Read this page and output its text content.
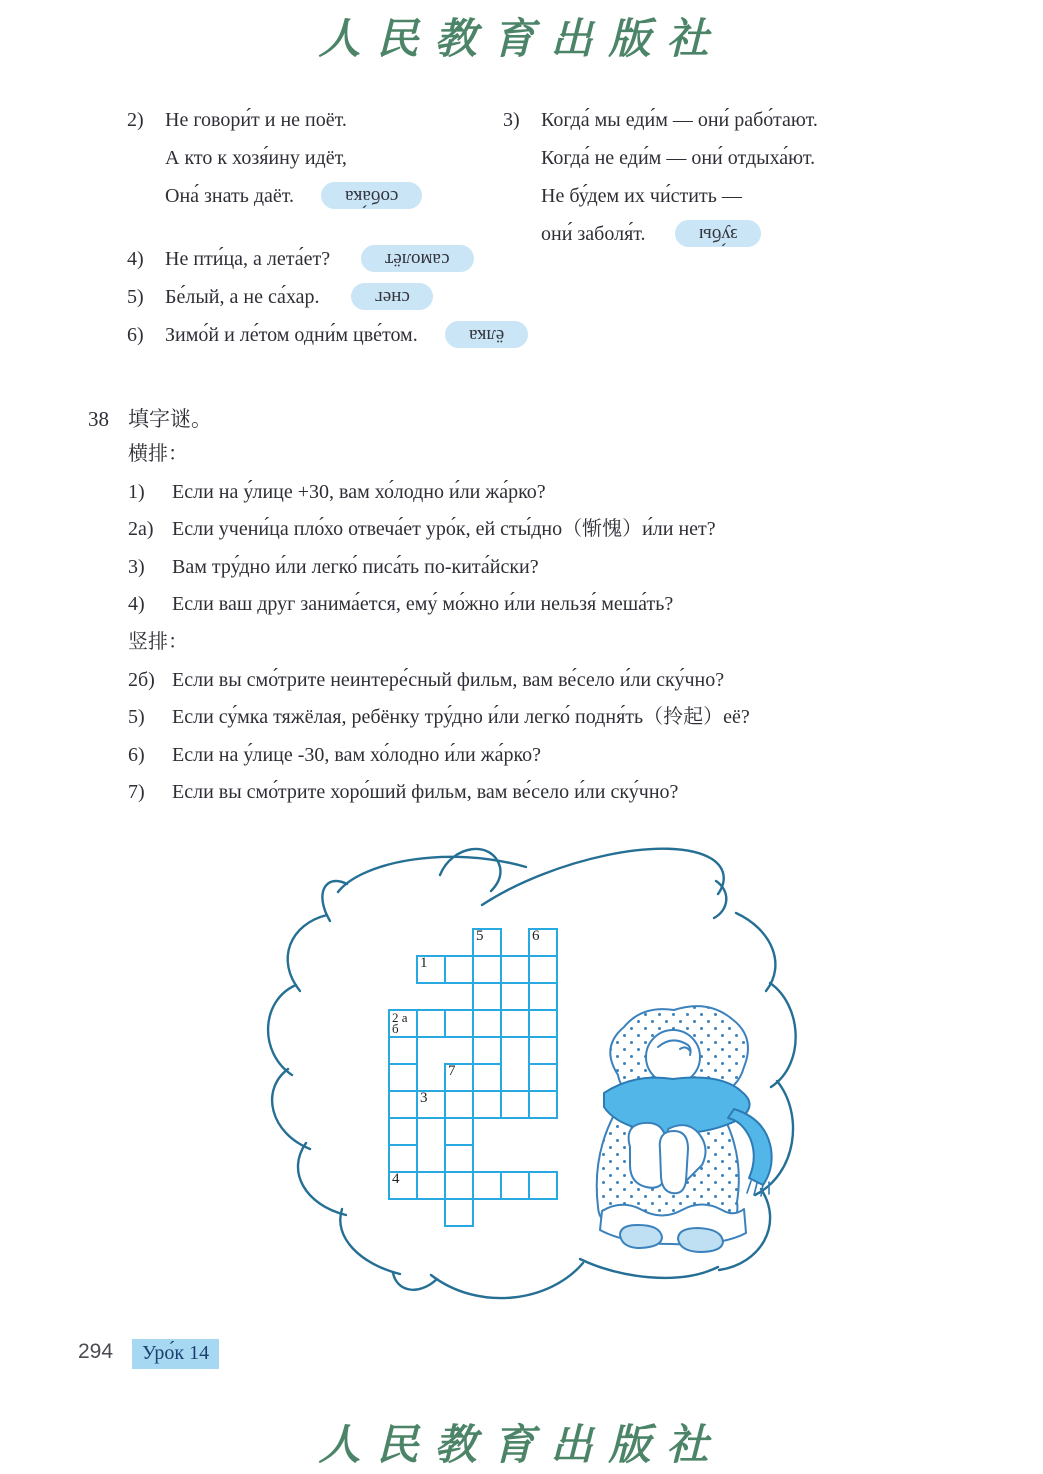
人民教育出版社
2) Не говори́т и не поёт.
А кто к хозя́ину идёт,
Она́ знать даёт.	соба́ка
3) Когда́ мы еди́м — они́ рабо́тают.
Когда́ не еди́м — они́ отдыха́ют.
Не бу́дем их чи́стить —
они́ заболя́т.	зу́бы
4) Не пти́ца, а лета́ет?	самолёт
5) Бе́лый, а не са́хар.	снег
6) Зимо́й и ле́том одни́м цве́том.	ёлка
38 填字谜。
横排：
1) Если на у́лице +30, вам хо́лодно и́ли жа́рко?
2а) Если учени́ца пло́хо отвеча́ет уро́к, ей сты́дно（惭愧）и́ли нет?
3) Вам тру́дно и́ли легко́ писа́ть по-кита́йски?
4) Если ваш друг занима́ется, ему́ мо́жно и́ли нельзя́ меша́ть?
竖排：
2б) Если вы смо́трите неинтере́сный фильм, вам ве́село и́ли ску́чно?
5) Если су́мка тяжёлая, ребёнку тру́дно и́ли легко́ подня́ть（拎起）её?
6) Если на у́лице -30, вам хо́лодно и́ли жа́рко?
7) Если вы смо́трите хоро́ший фильм, вам ве́село и́ли ску́чно?
5	6
1
2 а
б
7
3
4
294	Уро́к 14
人民教育出版社
